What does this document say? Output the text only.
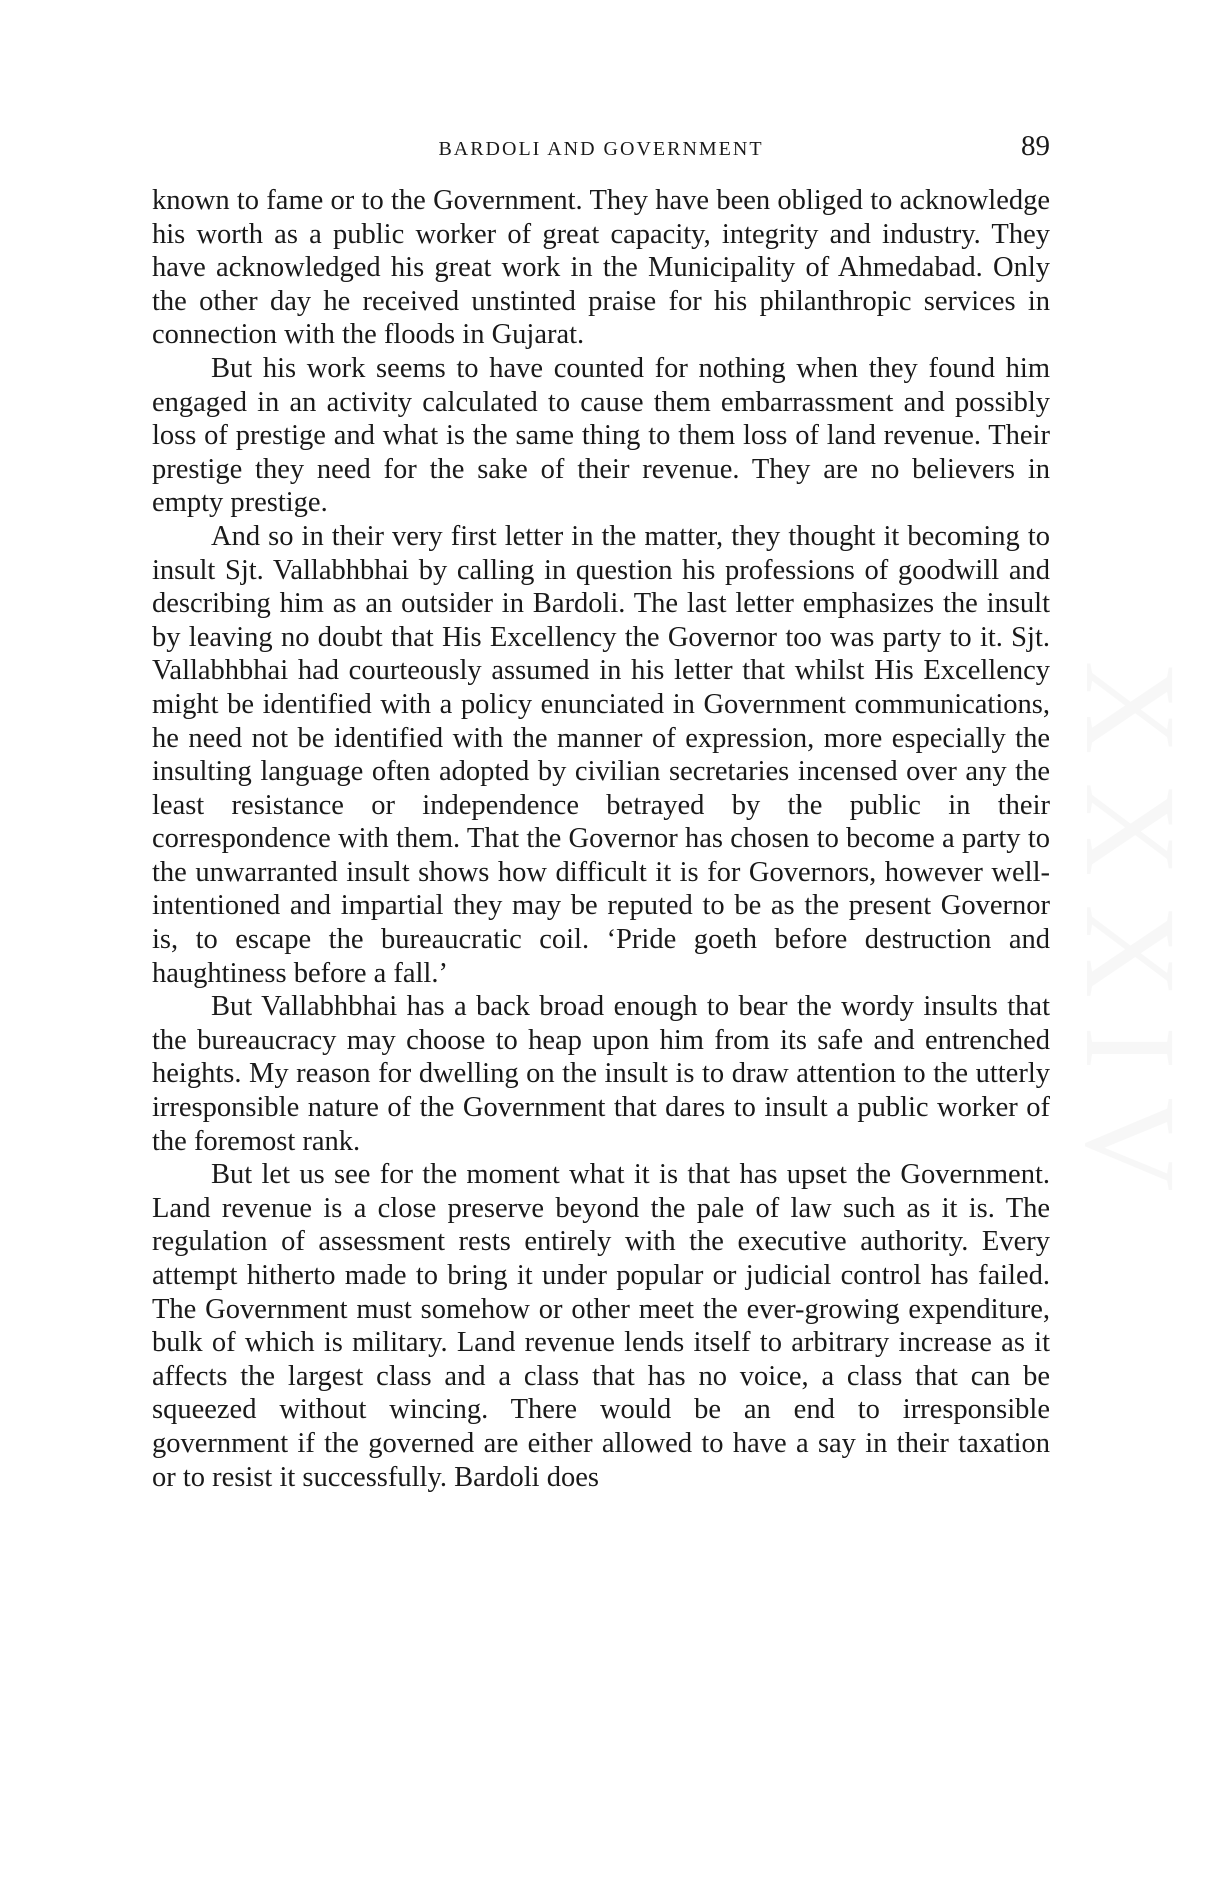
XXXIV
BARDOLI AND GOVERNMENT	89

known to fame or to the Government. They have been obliged to acknowledge his worth as a public worker of great capacity, integrity and industry. They have acknowledged his great work in the Municipality of Ahmedabad. Only the other day he received unstinted praise for his philanthropic services in connection with the floods in Gujarat.

But his work seems to have counted for nothing when they found him engaged in an activity calculated to cause them embarrassment and possibly loss of prestige and what is the same thing to them loss of land revenue. Their prestige they need for the sake of their revenue. They are no believers in empty prestige.

And so in their very first letter in the matter, they thought it becoming to insult Sjt. Vallabhbhai by calling in question his professions of goodwill and describing him as an outsider in Bardoli. The last letter emphasizes the insult by leaving no doubt that His Excellency the Governor too was party to it. Sjt. Vallabhbhai had courteously assumed in his letter that whilst His Excellency might be identified with a policy enunciated in Government communications, he need not be identified with the manner of expression, more especially the insulting language often adopted by civilian secretaries incensed over any the least resistance or independence betrayed by the public in their correspondence with them. That the Governor has chosen to become a party to the unwarranted insult shows how difficult it is for Governors, however well-intentioned and impartial they may be reputed to be as the present Governor is, to escape the bureaucratic coil. ‘Pride goeth before destruction and haughtiness before a fall.’

But Vallabhbhai has a back broad enough to bear the wordy insults that the bureaucracy may choose to heap upon him from its safe and entrenched heights. My reason for dwelling on the insult is to draw attention to the utterly irresponsible nature of the Government that dares to insult a public worker of the foremost rank.

But let us see for the moment what it is that has upset the Government. Land revenue is a close preserve beyond the pale of law such as it is. The regulation of assessment rests entirely with the executive authority. Every attempt hitherto made to bring it under popular or judicial control has failed. The Government must somehow or other meet the ever-growing expenditure, bulk of which is military. Land revenue lends itself to arbitrary increase as it affects the largest class and a class that has no voice, a class that can be squeezed without wincing. There would be an end to irresponsible government if the governed are either allowed to have a say in their taxation or to resist it successfully. Bardoli does
